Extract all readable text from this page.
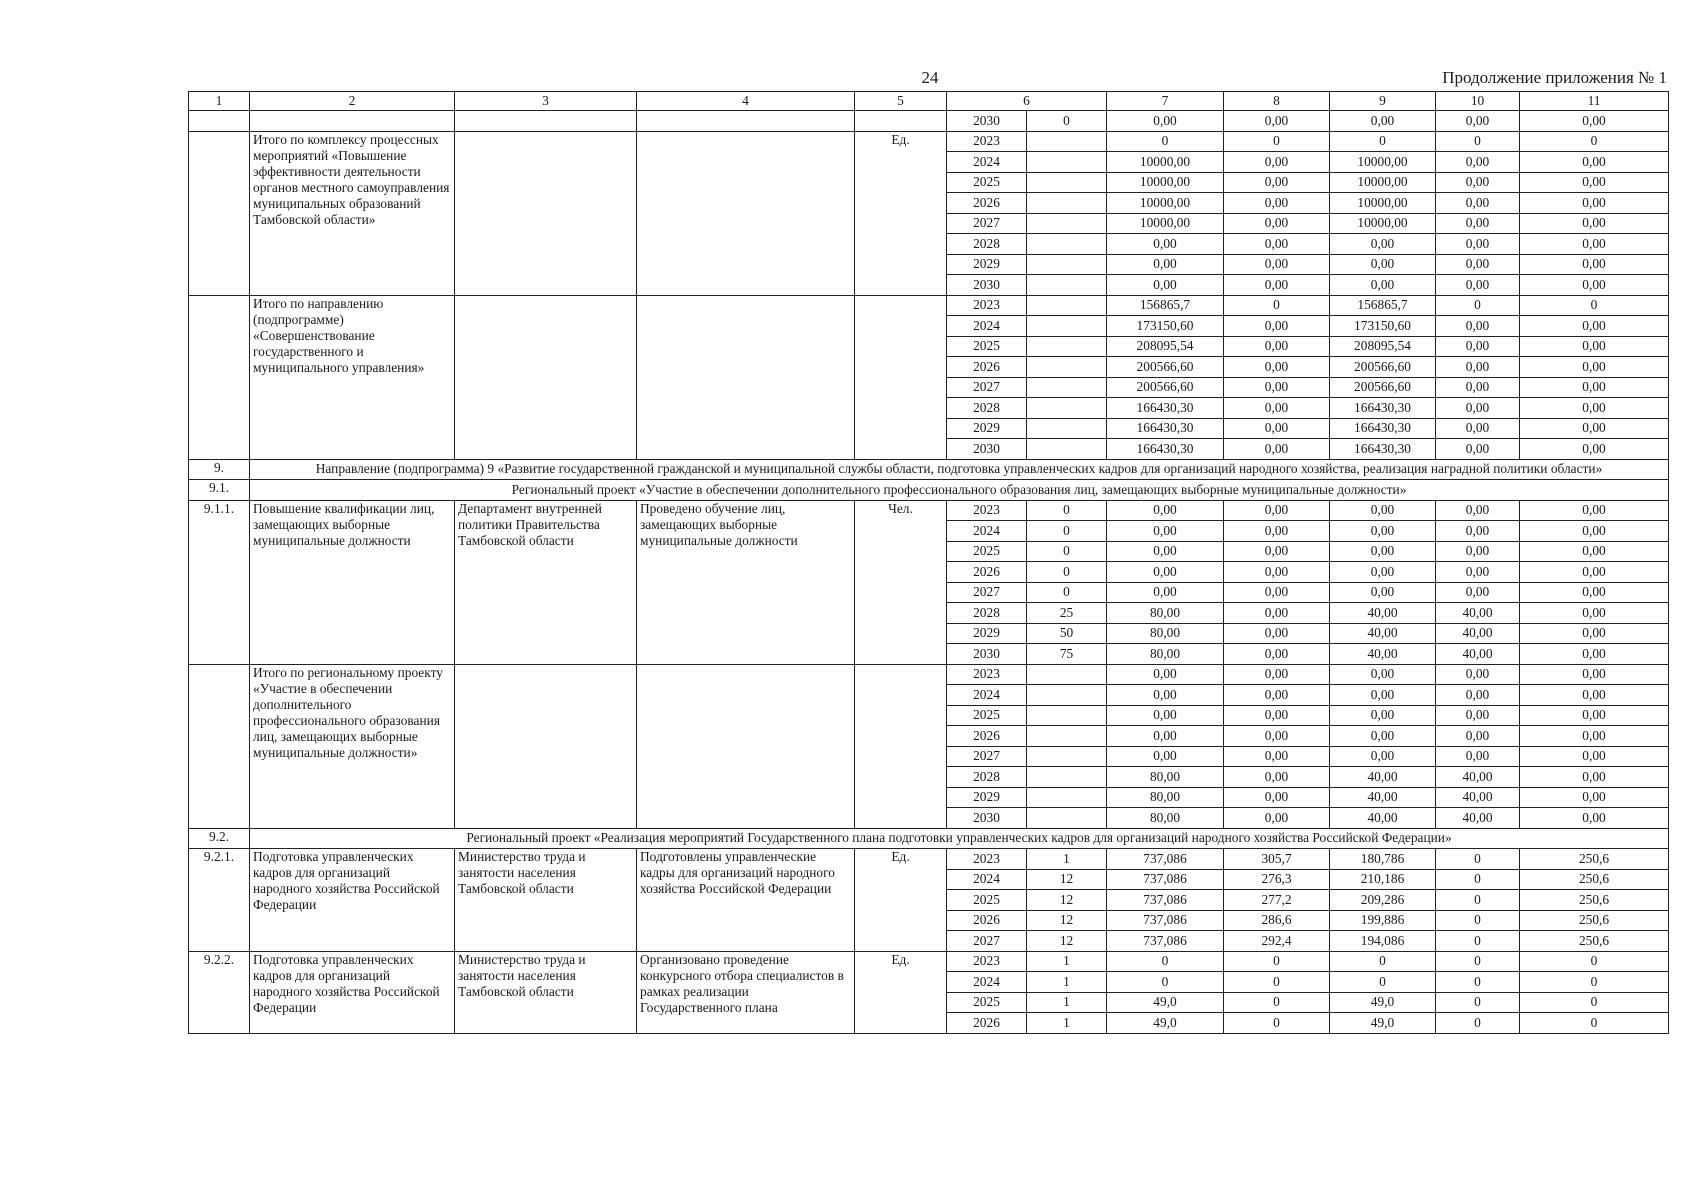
24	Продолжение приложения № 1
1	2	3	4	5	6		7	8	9	10	11
					2030	0	0,00	0,00	0,00	0,00	0,00
	Итого по комплексу процессных мероприятий «Повышение эффективности деятельности органов местного самоуправления муниципальных образований Тамбовской области»			Ед.	2023		0	0	0	0	0
					2024		10000,00	0,00	10000,00	0,00	0,00
					2025		10000,00	0,00	10000,00	0,00	0,00
					2026		10000,00	0,00	10000,00	0,00	0,00
					2027		10000,00	0,00	10000,00	0,00	0,00
					2028		0,00	0,00	0,00	0,00	0,00
					2029		0,00	0,00	0,00	0,00	0,00
					2030		0,00	0,00	0,00	0,00	0,00
	Итого по направлению (подпрограмме) «Совершенствование государственного и муниципального управления»				2023		156865,7	0	156865,7	0	0
					2024		173150,60	0,00	173150,60	0,00	0,00
					2025		208095,54	0,00	208095,54	0,00	0,00
					2026		200566,60	0,00	200566,60	0,00	0,00
					2027		200566,60	0,00	200566,60	0,00	0,00
					2028		166430,30	0,00	166430,30	0,00	0,00
					2029		166430,30	0,00	166430,30	0,00	0,00
					2030		166430,30	0,00	166430,30	0,00	0,00
9.	Направление (подпрограмма) 9 «Развитие государственной гражданской и муниципальной службы области, подготовка управленческих кадров для организаций народного хозяйства, реализация наградной политики области»										
9.1.	Региональный проект «Участие в обеспечении дополнительного профессионального образования лиц, замещающих выборные муниципальные должности»										
9.1.1.	Повышение квалификации лиц, замещающих выборные муниципальные должности	Департамент внутренней политики Правительства Тамбовской области	Проведено обучение лиц, замещающих выборные муниципальные должности	Чел.	2023	0	0,00	0,00	0,00	0,00	0,00
					2024	0	0,00	0,00	0,00	0,00	0,00
					2025	0	0,00	0,00	0,00	0,00	0,00
					2026	0	0,00	0,00	0,00	0,00	0,00
					2027	0	0,00	0,00	0,00	0,00	0,00
					2028	25	80,00	0,00	40,00	40,00	0,00
					2029	50	80,00	0,00	40,00	40,00	0,00
					2030	75	80,00	0,00	40,00	40,00	0,00
	Итого по региональному проекту «Участие в обеспечении дополнительного профессионального образования лиц, замещающих выборные муниципальные должности»				2023		0,00	0,00	0,00	0,00	0,00
					2024		0,00	0,00	0,00	0,00	0,00
					2025		0,00	0,00	0,00	0,00	0,00
					2026		0,00	0,00	0,00	0,00	0,00
					2027		0,00	0,00	0,00	0,00	0,00
					2028		80,00	0,00	40,00	40,00	0,00
					2029		80,00	0,00	40,00	40,00	0,00
					2030		80,00	0,00	40,00	40,00	0,00
9.2.	Региональный проект «Реализация мероприятий Государственного плана подготовки управленческих кадров для организаций народного хозяйства Российской Федерации»										
9.2.1.	Подготовка управленческих кадров для организаций народного хозяйства Российской Федерации	Министерство труда и занятости населения Тамбовской области	Подготовлены управленческие кадры для организаций народного хозяйства Российской Федерации	Ед.	2023	1	737,086	305,7	180,786	0	250,6
					2024	12	737,086	276,3	210,186	0	250,6
					2025	12	737,086	277,2	209,286	0	250,6
					2026	12	737,086	286,6	199,886	0	250,6
					2027	12	737,086	292,4	194,086	0	250,6
9.2.2.	Подготовка управленческих кадров для организаций народного хозяйства Российской Федерации	Министерство труда и занятости населения Тамбовской области	Организовано проведение конкурсного отбора специалистов в рамках реализации Государственного плана	Ед.	2023	1	0	0	0	0	0
					2024	1	0	0	0	0	0
					2025	1	49,0	0	49,0	0	0
					2026	1	49,0	0	49,0	0	0
